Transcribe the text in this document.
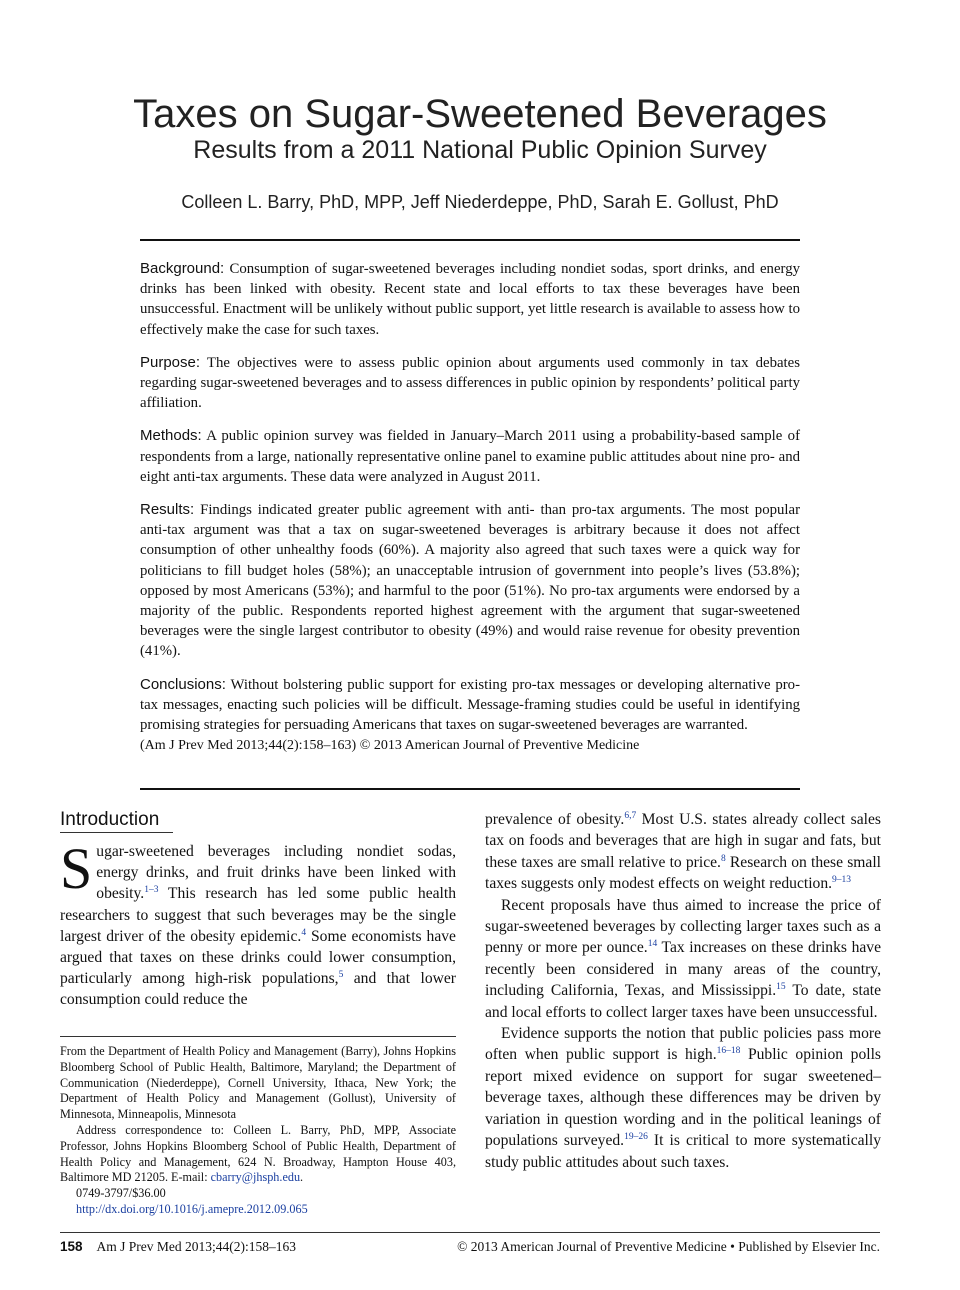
Taxes on Sugar-Sweetened Beverages
Results from a 2011 National Public Opinion Survey
Colleen L. Barry, PhD, MPP, Jeff Niederdeppe, PhD, Sarah E. Gollust, PhD

Background: Consumption of sugar-sweetened beverages including nondiet sodas, sport drinks, and energy drinks has been linked with obesity. Recent state and local efforts to tax these beverages have been unsuccessful. Enactment will be unlikely without public support, yet little research is available to assess how to effectively make the case for such taxes.

Purpose: The objectives were to assess public opinion about arguments used commonly in tax debates regarding sugar-sweetened beverages and to assess differences in public opinion by respondents’ political party affiliation.

Methods: A public opinion survey was fielded in January–March 2011 using a probability-based sample of respondents from a large, nationally representative online panel to examine public attitudes about nine pro- and eight anti-tax arguments. These data were analyzed in August 2011.

Results: Findings indicated greater public agreement with anti- than pro-tax arguments. The most popular anti-tax argument was that a tax on sugar-sweetened beverages is arbitrary because it does not affect consumption of other unhealthy foods (60%). A majority also agreed that such taxes were a quick way for politicians to fill budget holes (58%); an unacceptable intrusion of government into people’s lives (53.8%); opposed by most Americans (53%); and harmful to the poor (51%). No pro-tax arguments were endorsed by a majority of the public. Respondents reported highest agreement with the argument that sugar-sweetened beverages were the single largest contributor to obesity (49%) and would raise revenue for obesity prevention (41%).

Conclusions: Without bolstering public support for existing pro-tax messages or developing alternative pro-tax messages, enacting such policies will be difficult. Message-framing studies could be useful in identifying promising strategies for persuading Americans that taxes on sugar-sweetened beverages are warranted.

(Am J Prev Med 2013;44(2):158–163) © 2013 American Journal of Preventive Medicine

Introduction

Sugar-sweetened beverages including nondiet sodas, energy drinks, and fruit drinks have been linked with obesity.$^{1-3}$ This research has led some public health researchers to suggest that such beverages may be the single largest driver of the obesity epidemic.$^4$ Some economists have argued that taxes on these drinks could lower consumption, particularly among high-risk populations,$^5$ and that lower consumption could reduce the

From the Department of Health Policy and Management (Barry), Johns Hopkins Bloomberg School of Public Health, Baltimore, Maryland; the Department of Communication (Niederdeppe), Cornell University, Ithaca, New York; the Department of Health Policy and Management (Gollust), University of Minnesota, Minneapolis, Minnesota

Address correspondence to: Colleen L. Barry, PhD, MPP, Associate Professor, Johns Hopkins Bloomberg School of Public Health, Department of Health Policy and Management, 624 N. Broadway, Hampton House 403, Baltimore MD 21205. E-mail: cbarry@jhsph.edu.

0749-3797/$36.00

http://dx.doi.org/10.1016/j.amepre.2012.09.065

prevalence of obesity.$^{6,7}$ Most U.S. states already collect sales tax on foods and beverages that are high in sugar and fats, but these taxes are small relative to price.$^8$ Research on these small taxes suggests only modest effects on weight reduction.$^{9-13}$

Recent proposals have thus aimed to increase the price of sugar-sweetened beverages by collecting larger taxes such as a penny or more per ounce.$^{14}$ Tax increases on these drinks have recently been considered in many areas of the country, including California, Texas, and Mississippi.$^{15}$ To date, state and local efforts to collect larger taxes have been unsuccessful.

Evidence supports the notion that public policies pass more often when public support is high.$^{16-18}$ Public opinion polls report mixed evidence on support for sugar sweetened–beverage taxes, although these differences may be driven by variation in question wording and in the political leanings of populations surveyed.$^{19-26}$ It is critical to more systematically study public attitudes about such taxes.

158 Am J Prev Med 2013;44(2):158–163	© 2013 American Journal of Preventive Medicine • Published by Elsevier Inc.
